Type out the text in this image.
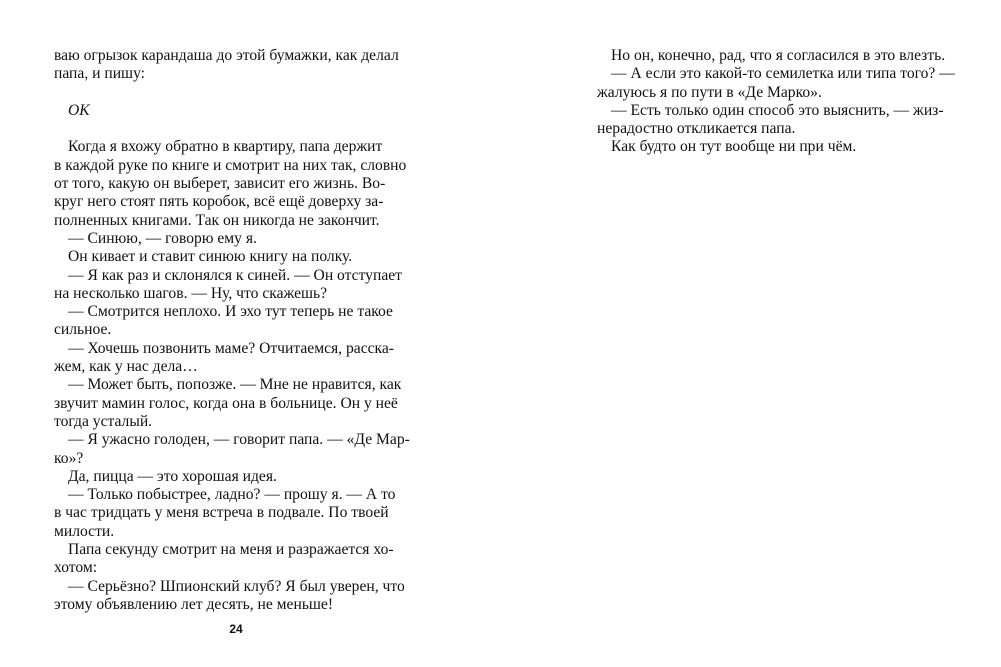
ваю огрызок карандаша до этой бумажки, как делал
папа, и пишу:
OK
Когда я вхожу обратно в квартиру, папа держит
в каждой руке по книге и смотрит на них так, словно
от того, какую он выберет, зависит его жизнь. Во-
круг него стоят пять коробок, всё ещё доверху за-
полненных книгами. Так он никогда не закончит.
— Синюю, — говорю ему я.
Он кивает и ставит синюю книгу на полку.
— Я как раз и склонялся к синей. — Он отступает
на несколько шагов. — Ну, что скажешь?
— Смотрится неплохо. И эхо тут теперь не такое
сильное.
— Хочешь позвонить маме? Отчитаемся, расска-
жем, как у нас дела…
— Может быть, попозже. — Мне не нравится, как
звучит мамин голос, когда она в больнице. Он у неё
тогда усталый.
— Я ужасно голоден, — говорит папа. — «Де Мар-
ко»?
Да, пицца — это хорошая идея.
— Только побыстрее, ладно? — прошу я. — А то
в час тридцать у меня встреча в подвале. По твоей
милости.
Папа секунду смотрит на меня и разражается хо-
хотом:
— Серьёзно? Шпионский клуб? Я был уверен, что
этому объявлению лет десять, не меньше!
24
Но он, конечно, рад, что я согласился в это влезть.
— А если это какой-то семилетка или типа того? —
жалуюсь я по пути в «Де Марко».
— Есть только один способ это выяснить, — жиз-
нерадостно откликается папа.
Как будто он тут вообще ни при чём.
